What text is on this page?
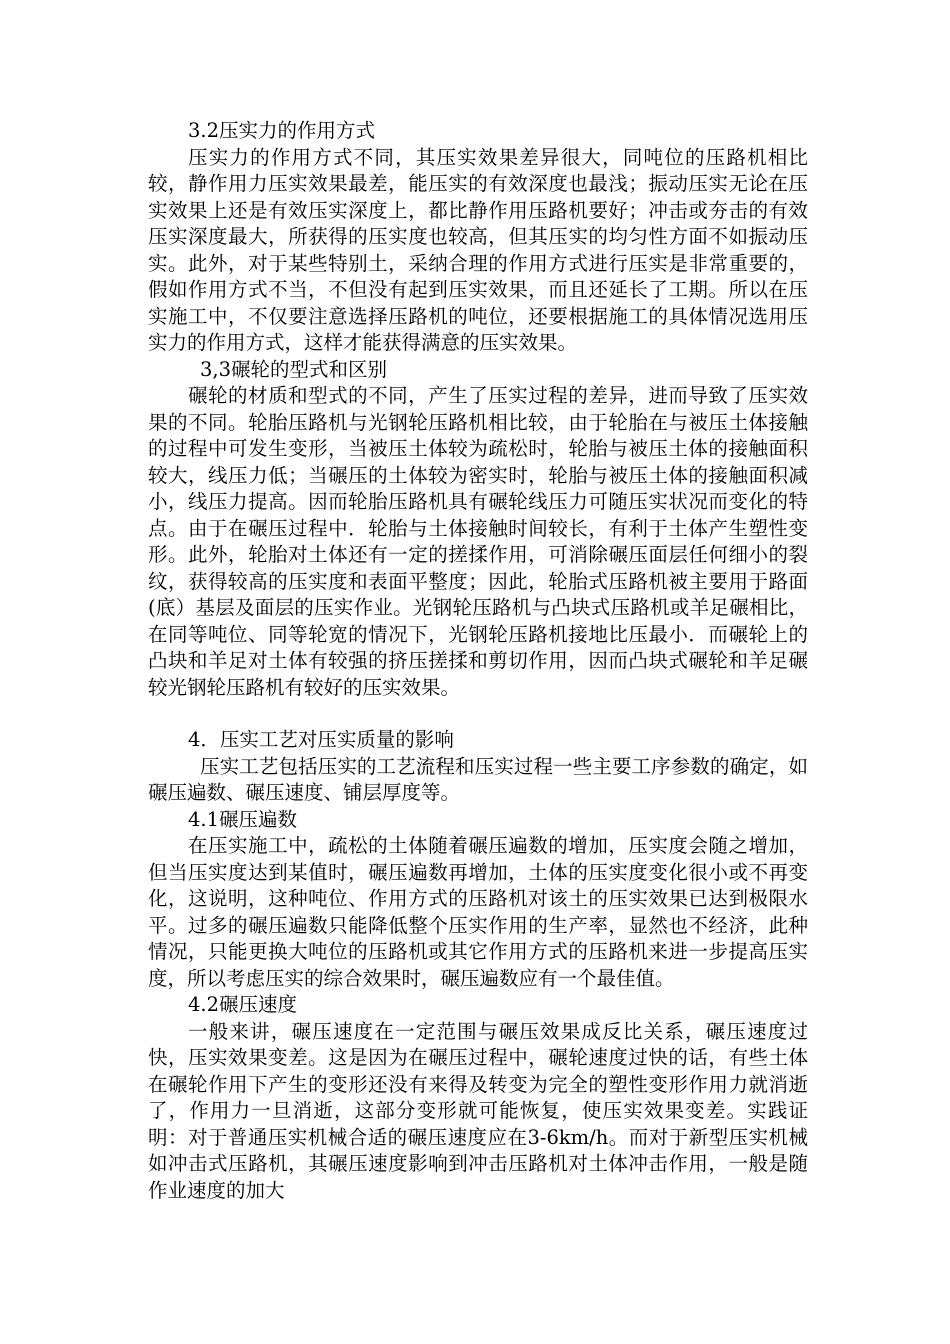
3.2压实力的作用方式

压实力的作用方式不同，其压实效果差异很大，同吨位的压路机相比较，静作用力压实效果最差，能压实的有效深度也最浅；振动压实无论在压实效果上还是有效压实深度上，都比静作用压路机要好；冲击或夯击的有效压实深度最大，所获得的压实度也较高，但其压实的均匀性方面不如振动压实。此外，对于某些特别土，采纳合理的作用方式进行压实是非常重要的，假如作用方式不当，不但没有起到压实效果，而且还延长了工期。所以在压实施工中，不仅要注意选择压路机的吨位，还要根据施工的具体情况选用压实力的作用方式，这样才能获得满意的压实效果。

3,3碾轮的型式和区别

碾轮的材质和型式的不同，产生了压实过程的差异，进而导致了压实效果的不同。轮胎压路机与光钢轮压路机相比较，由于轮胎在与被压土体接触的过程中可发生变形，当被压土体较为疏松时，轮胎与被压土体的接触面积较大，线压力低；当碾压的土体较为密实时，轮胎与被压土体的接触面积减小，线压力提高。因而轮胎压路机具有碾轮线压力可随压实状况而变化的特点。由于在碾压过程中．轮胎与土体接触时间较长，有利于土体产生塑性变形。此外，轮胎对土体还有一定的搓揉作用，可消除碾压面层任何细小的裂纹，获得较高的压实度和表面平整度；因此，轮胎式压路机被主要用于路面(底）基层及面层的压实作业。光钢轮压路机与凸块式压路机或羊足碾相比，在同等吨位、同等轮宽的情况下，光钢轮压路机接地比压最小．而碾轮上的凸块和羊足对土体有较强的挤压搓揉和剪切作用，因而凸块式碾轮和羊足碾较光钢轮压路机有较好的压实效果。

4．压实工艺对压实质量的影响

压实工艺包括压实的工艺流程和压实过程一些主要工序参数的确定，如碾压遍数、碾压速度、铺层厚度等。

4.1碾压遍数

在压实施工中，疏松的土体随着碾压遍数的增加，压实度会随之增加，但当压实度达到某值时，碾压遍数再增加，土体的压实度变化很小或不再变化，这说明，这种吨位、作用方式的压路机对该土的压实效果已达到极限水平。过多的碾压遍数只能降低整个压实作用的生产率，显然也不经济，此种情况，只能更换大吨位的压路机或其它作用方式的压路机来进一步提高压实度，所以考虑压实的综合效果时，碾压遍数应有一个最佳值。

4.2碾压速度

一般来讲，碾压速度在一定范围与碾压效果成反比关系，碾压速度过快，压实效果变差。这是因为在碾压过程中，碾轮速度过快的话，有些土体在碾轮作用下产生的变形还没有来得及转变为完全的塑性变形作用力就消逝了，作用力一旦消逝，这部分变形就可能恢复，使压实效果变差。实践证明：对于普通压实机械合适的碾压速度应在3-6km/h。而对于新型压实机械如冲击式压路机，其碾压速度影响到冲击压路机对土体冲击作用，一般是随作业速度的加大
